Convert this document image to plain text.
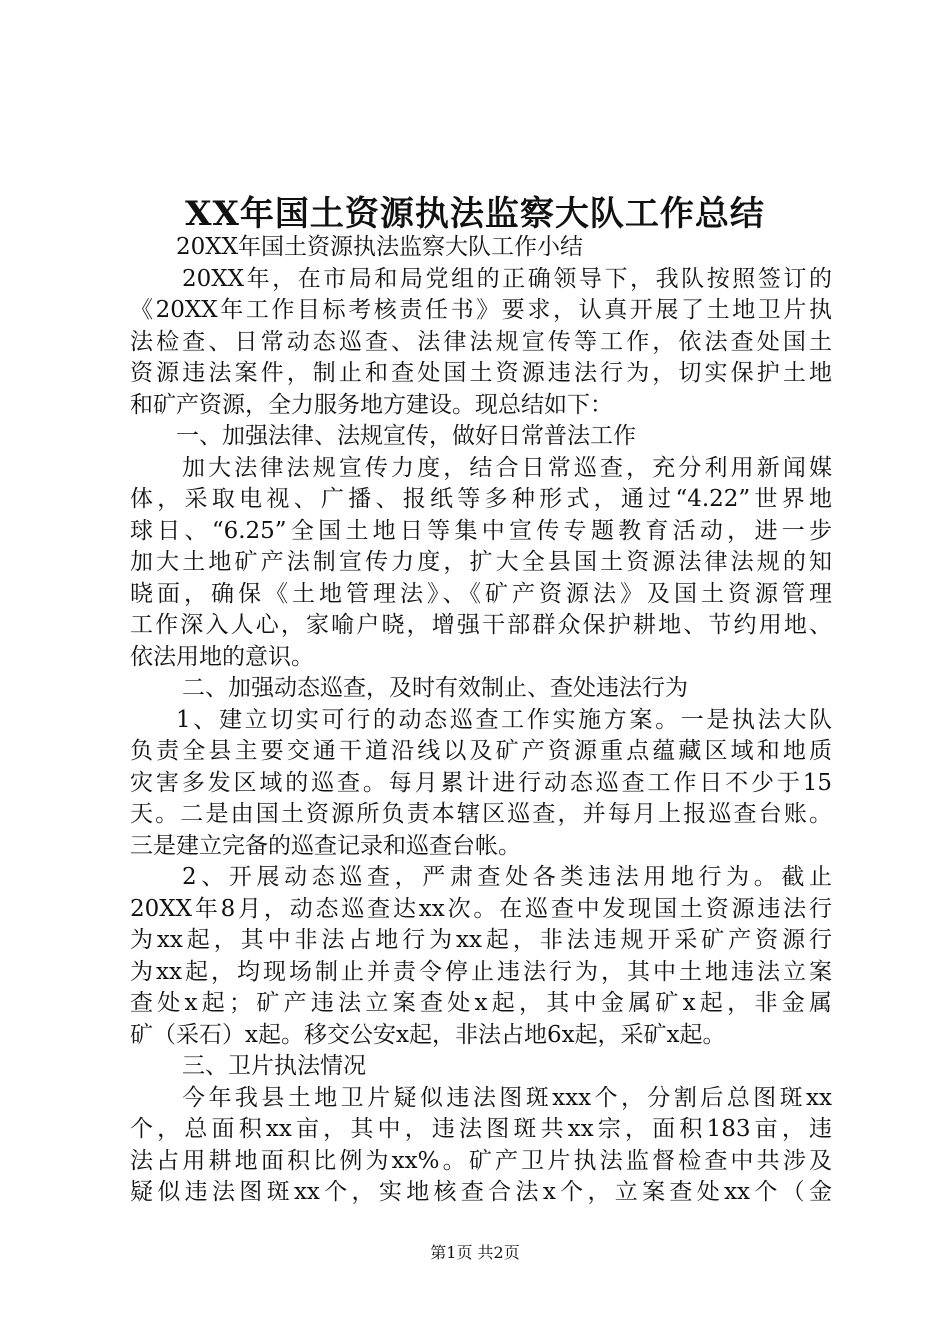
XX年国土资源执法监察大队工作总结
20XX年国土资源执法监察大队工作小结
20XX年，在市局和局党组的正确领导下，我队按照签订的
《20XX年工作目标考核责任书》要求，认真开展了土地卫片执
法检查、日常动态巡查、法律法规宣传等工作，依法查处国土
资源违法案件，制止和查处国土资源违法行为，切实保护土地
和矿产资源，全力服务地方建设。现总结如下：
一、加强法律、法规宣传，做好日常普法工作
加大法律法规宣传力度，结合日常巡查，充分利用新闻媒
体，采取电视、广播、报纸等多种形式，通过“4.22”世界地
球日、“6.25”全国土地日等集中宣传专题教育活动，进一步
加大土地矿产法制宣传力度，扩大全县国土资源法律法规的知
晓面，确保《土地管理法》、《矿产资源法》及国土资源管理
工作深入人心，家喻户晓，增强干部群众保护耕地、节约用地、
依法用地的意识。
二、加强动态巡查，及时有效制止、查处违法行为
1、建立切实可行的动态巡查工作实施方案。一是执法大队
负责全县主要交通干道沿线以及矿产资源重点蕴藏区域和地质
灾害多发区域的巡查。每月累计进行动态巡查工作日不少于15
天。二是由国土资源所负责本辖区巡查，并每月上报巡查台账。
三是建立完备的巡查记录和巡查台帐。
2、开展动态巡查，严肃查处各类违法用地行为。截止
20XX年8月，动态巡查达xx次。在巡查中发现国土资源违法行
为xx起，其中非法占地行为xx起，非法违规开采矿产资源行
为xx起，均现场制止并责令停止违法行为，其中土地违法立案
查处x起；矿产违法立案查处x起，其中金属矿x起，非金属
矿（采石）x起。移交公安x起，非法占地6x起，采矿x起。
三、卫片执法情况
今年我县土地卫片疑似违法图斑xxx个，分割后总图斑xx
个，总面积xx亩，其中，违法图斑共xx宗，面积183亩，违
法占用耕地面积比例为xx%。矿产卫片执法监督检查中共涉及
疑似违法图斑xx个，实地核查合法x个，立案查处xx个（金
第1页 共2页
